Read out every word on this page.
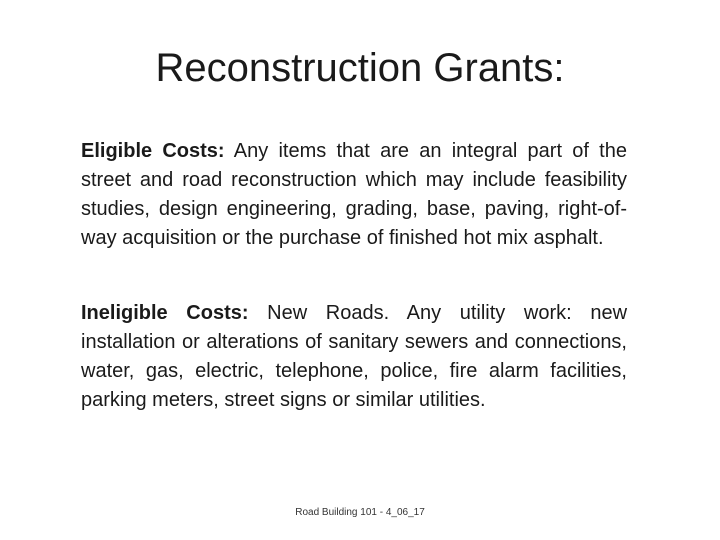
Reconstruction Grants:
Eligible Costs: Any items that are an integral part of the street and road reconstruction which may include feasibility studies, design engineering, grading, base, paving, right-of-way acquisition or the purchase of finished hot mix asphalt.
Ineligible Costs: New Roads. Any utility work: new installation or alterations of sanitary sewers and connections, water, gas, electric, telephone, police, fire alarm facilities, parking meters, street signs or similar utilities.
Road Building 101 - 4_06_17
